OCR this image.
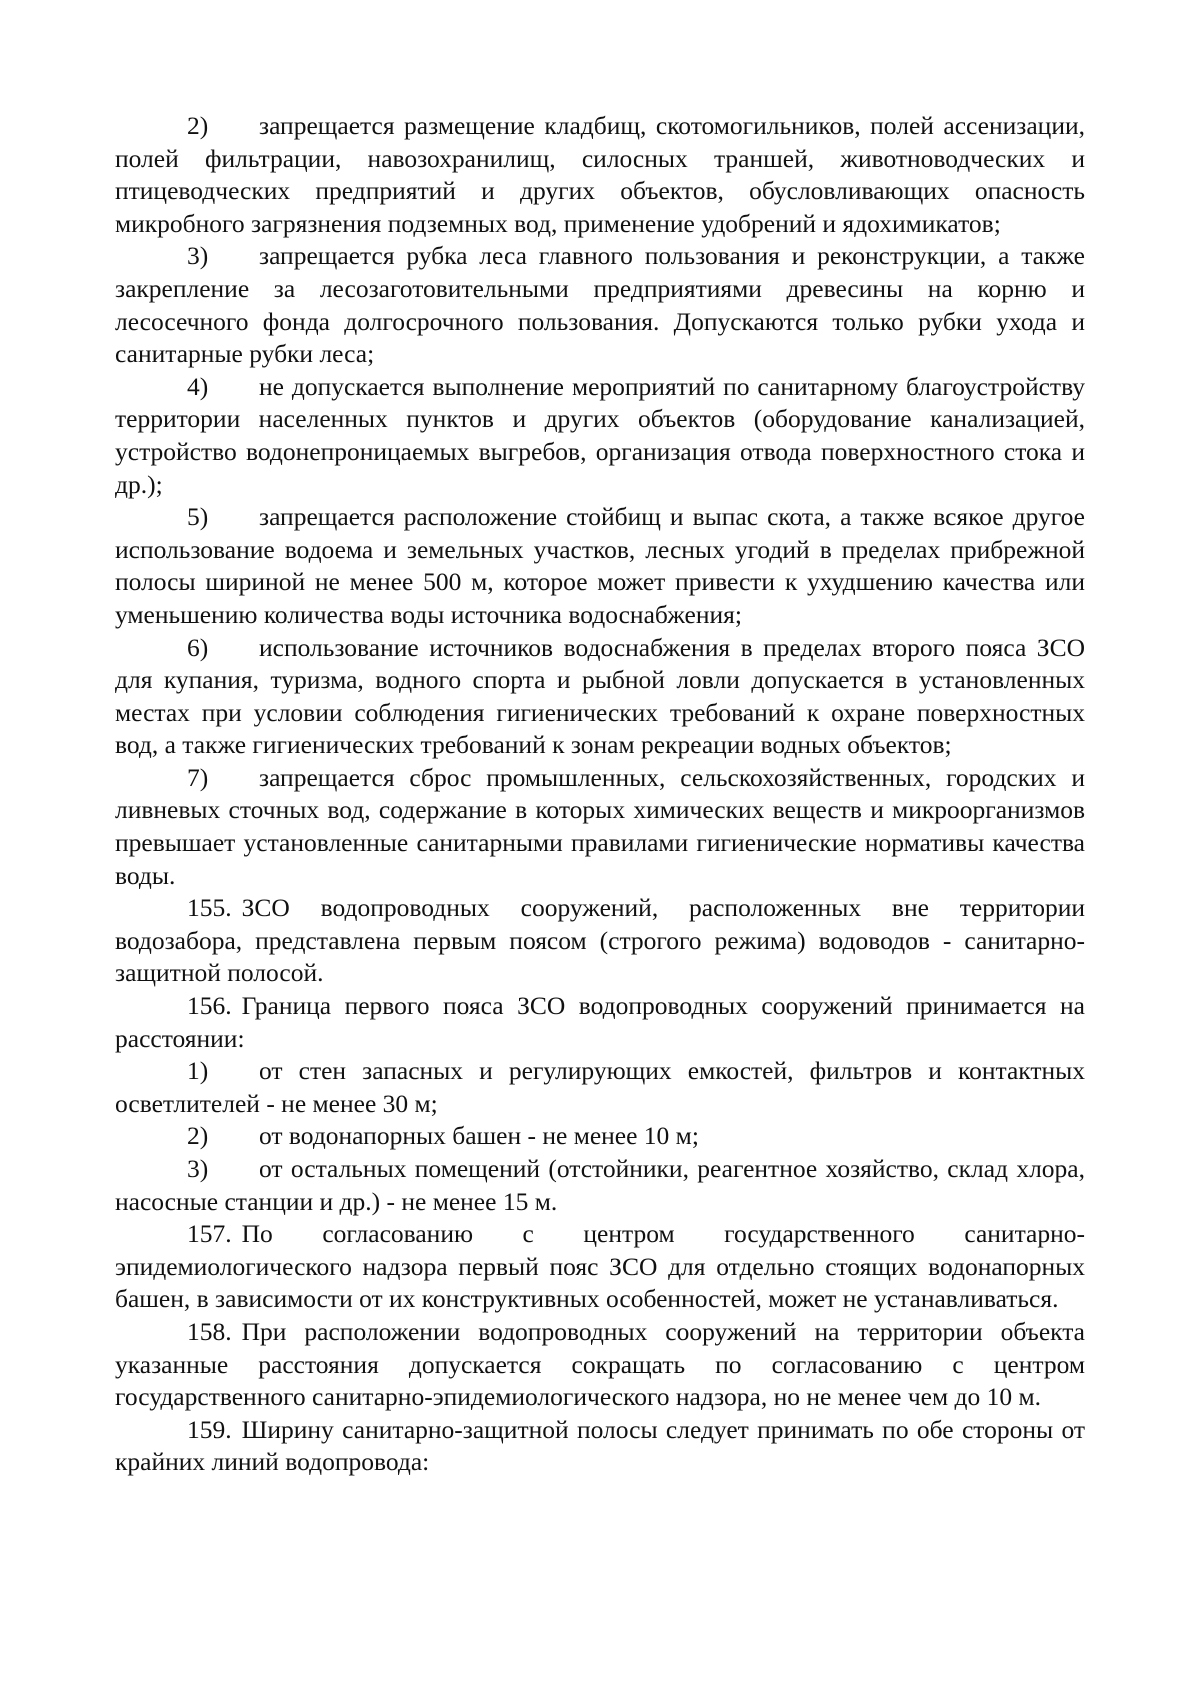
2) запрещается размещение кладбищ, скотомогильников, полей ассенизации, полей фильтрации, навозохранилищ, силосных траншей, животноводческих и птицеводческих предприятий и других объектов, обусловливающих опасность микробного загрязнения подземных вод, применение удобрений и ядохимикатов;

3) запрещается рубка леса главного пользования и реконструкции, а также закрепление за лесозаготовительными предприятиями древесины на корню и лесосечного фонда долгосрочного пользования. Допускаются только рубки ухода и санитарные рубки леса;

4) не допускается выполнение мероприятий по санитарному благоустройству территории населенных пунктов и других объектов (оборудование канализацией, устройство водонепроницаемых выгребов, организация отвода поверхностного стока и др.);

5) запрещается расположение стойбищ и выпас скота, а также всякое другое использование водоема и земельных участков, лесных угодий в пределах прибрежной полосы шириной не менее 500 м, которое может привести к ухудшению качества или уменьшению количества воды источника водоснабжения;

6) использование источников водоснабжения в пределах второго пояса ЗСО для купания, туризма, водного спорта и рыбной ловли допускается в установленных местах при условии соблюдения гигиенических требований к охране поверхностных вод, а также гигиенических требований к зонам рекреации водных объектов;

7) запрещается сброс промышленных, сельскохозяйственных, городских и ливневых сточных вод, содержание в которых химических веществ и микроорганизмов превышает установленные санитарными правилами гигиенические нормативы качества воды.

155. ЗСО водопроводных сооружений, расположенных вне территории водозабора, представлена первым поясом (строгого режима) водоводов - санитарно-защитной полосой.

156. Граница первого пояса ЗСО водопроводных сооружений принимается на расстоянии:

1) от стен запасных и регулирующих емкостей, фильтров и контактных осветлителей - не менее 30 м;

2) от водонапорных башен - не менее 10 м;

3) от остальных помещений (отстойники, реагентное хозяйство, склад хлора, насосные станции и др.) - не менее 15 м.

157. По согласованию с центром государственного санитарно-эпидемиологического надзора первый пояс ЗСО для отдельно стоящих водонапорных башен, в зависимости от их конструктивных особенностей, может не устанавливаться.

158. При расположении водопроводных сооружений на территории объекта указанные расстояния допускается сокращать по согласованию с центром государственного санитарно-эпидемиологического надзора, но не менее чем до 10 м.

159. Ширину санитарно-защитной полосы следует принимать по обе стороны от крайних линий водопровода:
